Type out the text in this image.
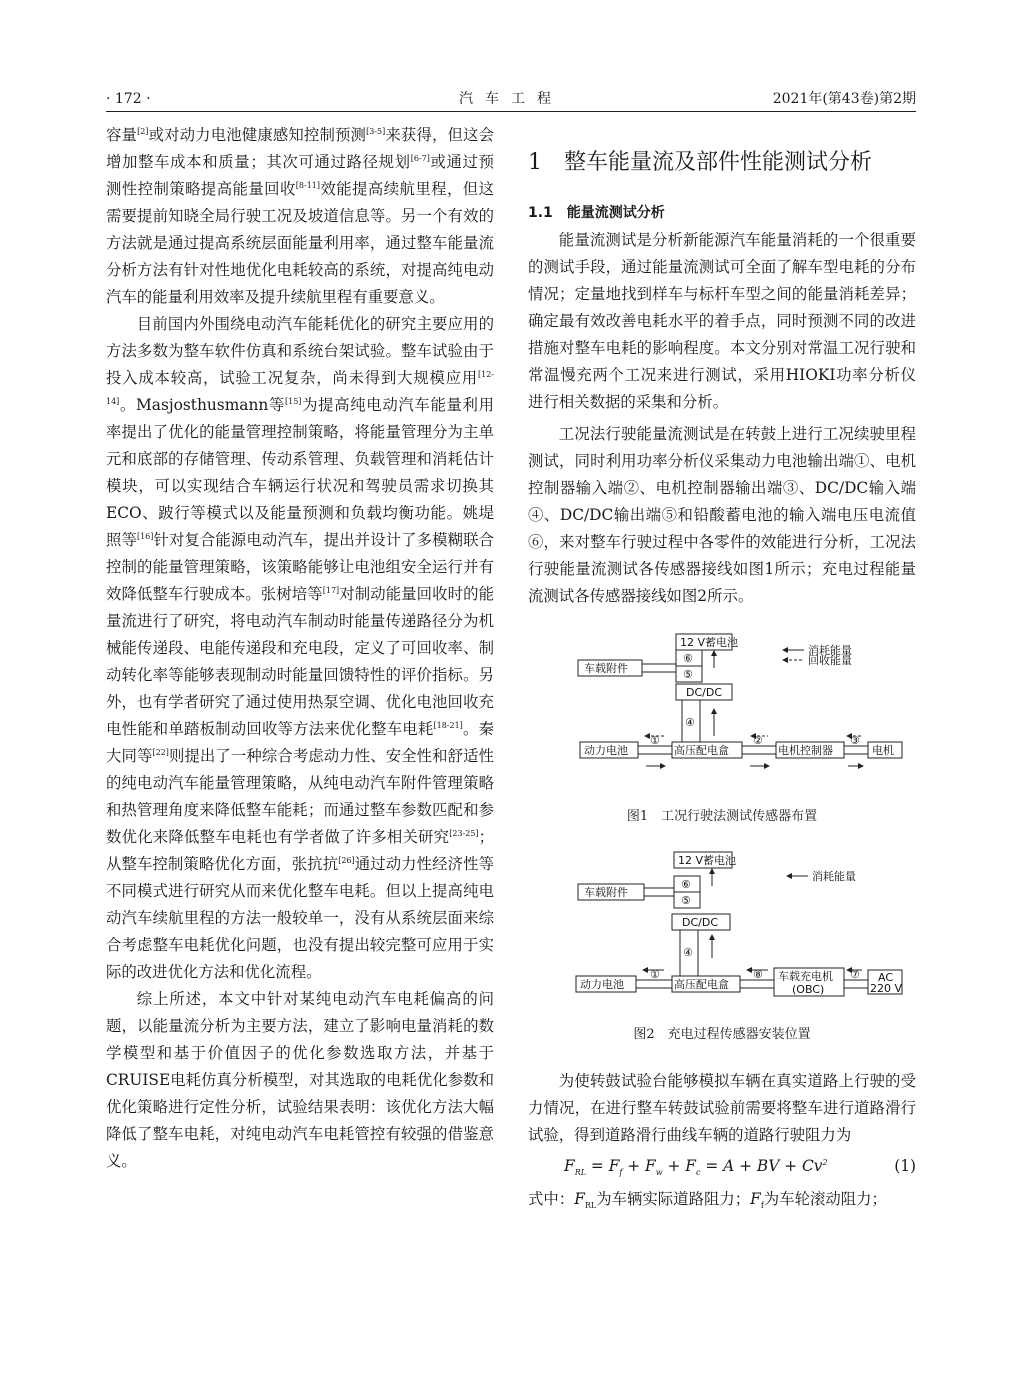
· 172 ·	汽车工程	2021年(第43卷)第2期

容量[2]或对动力电池健康感知控制预测[3-5]来获得，但这会增加整车成本和质量；其次可通过路径规划[6-7]或通过预测性控制策略提高能量回收[8-11]效能提高续航里程，但这需要提前知晓全局行驶工况及坡道信息等。另一个有效的方法就是通过提高系统层面能量利用率，通过整车能量流分析方法有针对性地优化电耗较高的系统，对提高纯电动汽车的能量利用效率及提升续航里程有重要意义。

目前国内外围绕电动汽车能耗优化的研究主要应用的方法多数为整车软件仿真和系统台架试验。整车试验由于投入成本较高，试验工况复杂，尚未得到大规模应用[12-14]。Masjosthusmann等[15]为提高纯电动汽车能量利用率提出了优化的能量管理控制策略，将能量管理分为主单元和底部的存储管理、传动系管理、负载管理和消耗估计模块，可以实现结合车辆运行状况和驾驶员需求切换其ECO、跛行等模式以及能量预测和负载均衡功能。姚堤照等[16]针对复合能源电动汽车，提出并设计了多模糊联合控制的能量管理策略，该策略能够让电池组安全运行并有效降低整车行驶成本。张树培等[17]对制动能量回收时的能量流进行了研究，将电动汽车制动时能量传递路径分为机械能传递段、电能传递段和充电段，定义了可回收率、制动转化率等能够表现制动时能量回馈特性的评价指标。另外，也有学者研究了通过使用热泵空调、优化电池回收充电性能和单踏板制动回收等方法来优化整车电耗[18-21]。秦大同等[22]则提出了一种综合考虑动力性、安全性和舒适性的纯电动汽车能量管理策略，从纯电动汽车附件管理策略和热管理角度来降低整车能耗；而通过整车参数匹配和参数优化来降低整车电耗也有学者做了许多相关研究[23-25]；从整车控制策略优化方面，张抗抗[26]通过动力性经济性等不同模式进行研究从而来优化整车电耗。但以上提高纯电动汽车续航里程的方法一般较单一，没有从系统层面来综合考虑整车电耗优化问题，也没有提出较完整可应用于实际的改进优化方法和优化流程。

综上所述，本文中针对某纯电动汽车电耗偏高的问题，以能量流分析为主要方法，建立了影响电量消耗的数学模型和基于价值因子的优化参数选取方法，并基于CRUISE电耗仿真分析模型，对其选取的电耗优化参数和优化策略进行定性分析，试验结果表明：该优化方法大幅降低了整车电耗，对纯电动汽车电耗管控有较强的借鉴意义。

1　整车能量流及部件性能测试分析
1.1　能量流测试分析

能量流测试是分析新能源汽车能量消耗的一个很重要的测试手段，通过能量流测试可全面了解车型电耗的分布情况；定量地找到样车与标杆车型之间的能量消耗差异；确定最有效改善电耗水平的着手点，同时预测不同的改进措施对整车电耗的影响程度。本文分别对常温工况行驶和常温慢充两个工况来进行测试，采用HIOKI功率分析仪进行相关数据的采集和分析。

工况法行驶能量流测试是在转鼓上进行工况续驶里程测试，同时利用功率分析仪采集动力电池输出端①、电机控制器输入端②、电机控制器输出端③、DC/DC输入端④、DC/DC输出端⑤和铅酸蓄电池的输入端电压电流值⑥，来对整车行驶过程中各零件的效能进行分析，工况法行驶能量流测试各传感器接线如图1所示；充电过程能量流测试各传感器接线如图2所示。

12 V蓄电池
⑥
⑤
车载附件
DC/DC
④
高压配电盒
动力电池	电机控制器	电机
①	②	③
消耗能量
回收能量
图1　工况行驶法测试传感器布置
12 V蓄电池
⑥
⑤
车载附件
DC/DC
④
高压配电盒
动力电池
车载充电机
(OBC)
AC
220 V
①	⑧	⑦
消耗能量
图2　充电过程传感器安装位置

为使转鼓试验台能够模拟车辆在真实道路上行驶的受力情况，在进行整车转鼓试验前需要将整车进行道路滑行试验，得到道路滑行曲线车辆的道路行驶阻力为

$F_{RL} = F_f + F_w + F_c = A$ + BV + $Cv^2$	(1)

式中：$F_{RL}$为车辆实际道路阻力；$F_f$为车轮滚动阻力；
